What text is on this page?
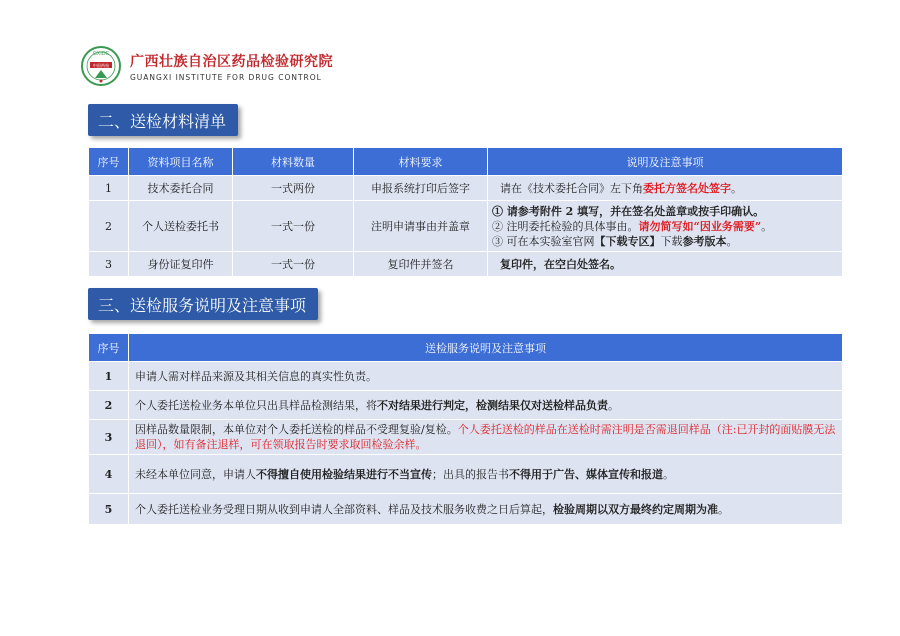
GXIDC
中国药检 广西壮族自治区药品检验研究院
GUANGXI INSTITUTE FOR DRUG CONTROL
二、送检材料清单
序号	资料项目名称	材料数量	材料要求	说明及注意事项
1	技术委托合同	一式两份	申报系统打印后签字	请在《技术委托合同》左下角委托方签名处签字。
2	个人送检委托书	一式一份	注明申请事由并盖章	① 请参考附件 2 填写，并在签名处盖章或按手印确认。
② 注明委托检验的具体事由。请勿简写如“因业务需要”。
③ 可在本实验室官网【下载专区】下载参考版本。

3	身份证复印件	一式一份	复印件并签名	复印件，在空白处签名。
三、送检服务说明及注意事项
序号	送检服务说明及注意事项
1	申请人需对样品来源及其相关信息的真实性负责。
2	个人委托送检业务本单位只出具样品检测结果，将不对结果进行判定，检测结果仅对送检样品负责。
3	因样品数量限制，本单位对个人委托送检的样品不受理复验/复检。个人委托送检的样品在送检时需注明是否需退回样品（注:已开封的面贴膜无法退回），如有备注退样，可在领取报告时要求取回检验余样。
4	未经本单位同意，申请人不得擅自使用检验结果进行不当宣传；出具的报告书不得用于广告、媒体宣传和报道。
5	个人委托送检业务受理日期从收到申请人全部资料、样品及技术服务收费之日后算起，检验周期以双方最终约定周期为准。
